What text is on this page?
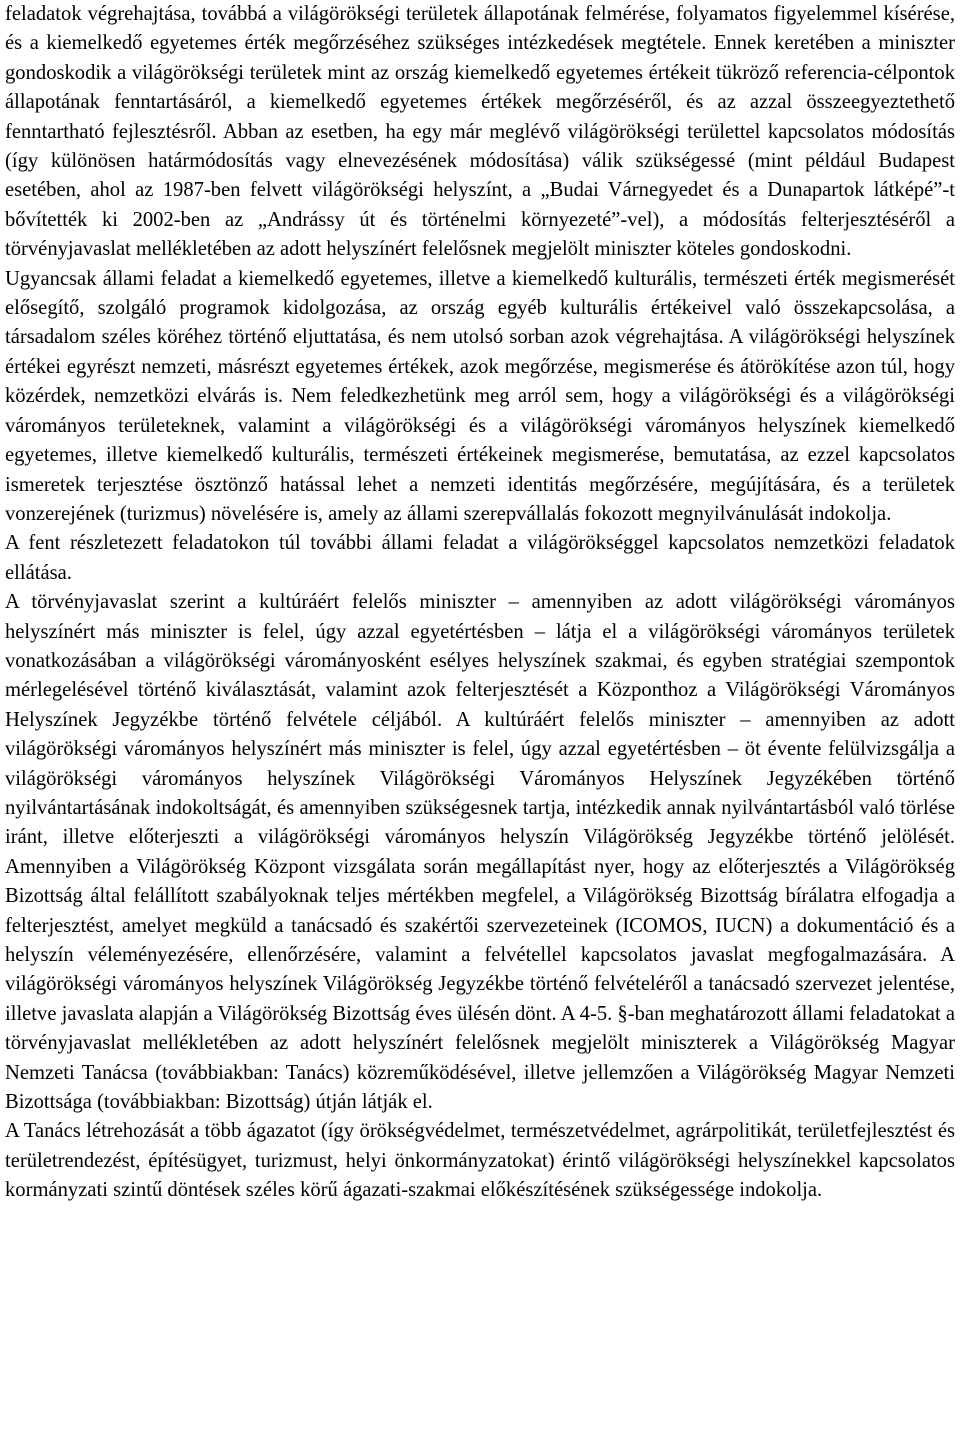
feladatok végrehajtása, továbbá a világörökségi területek állapotának felmérése, folyamatos figyelemmel kísérése, és a kiemelkedő egyetemes érték megőrzéséhez szükséges intézkedések megtétele. Ennek keretében a miniszter gondoskodik a világörökségi területek mint az ország kiemelkedő egyetemes értékeit tükröző referencia-célpontok állapotának fenntartásáról, a kiemelkedő egyetemes értékek megőrzéséről, és az azzal összeegyeztethető fenntartható fejlesztésről. Abban az esetben, ha egy már meglévő világörökségi területtel kapcsolatos módosítás (így különösen határmódosítás vagy elnevezésének módosítása) válik szükségessé (mint például Budapest esetében, ahol az 1987-ben felvett világörökségi helyszínt, a „Budai Várnegyedet és a Dunapartok látképé”-t bővítették ki 2002-ben az „Andrássy út és történelmi környezeté”-vel), a módosítás felterjesztéséről a törvényjavaslat mellékletében az adott helyszínért felelősnek megjelölt miniszter köteles gondoskodni.

Ugyancsak állami feladat a kiemelkedő egyetemes, illetve a kiemelkedő kulturális, természeti érték megismerését elősegítő, szolgáló programok kidolgozása, az ország egyéb kulturális értékeivel való összekapcsolása, a társadalom széles köréhez történő eljuttatása, és nem utolsó sorban azok végrehajtása. A világörökségi helyszínek értékei egyrészt nemzeti, másrészt egyetemes értékek, azok megőrzése, megismerése és átörökítése azon túl, hogy közérdek, nemzetközi elvárás is. Nem feledkezhetünk meg arról sem, hogy a világörökségi és a világörökségi várományos területeknek, valamint a világörökségi és a világörökségi várományos helyszínek kiemelkedő egyetemes, illetve kiemelkedő kulturális, természeti értékeinek megismerése, bemutatása, az ezzel kapcsolatos ismeretek terjesztése ösztönző hatással lehet a nemzeti identitás megőrzésére, megújítására, és a területek vonzerejének (turizmus) növelésére is, amely az állami szerepvállalás fokozott megnyilvánulását indokolja.

A fent részletezett feladatokon túl további állami feladat a világörökséggel kapcsolatos nemzetközi feladatok ellátása.

A törvényjavaslat szerint a kultúráért felelős miniszter – amennyiben az adott világörökségi várományos helyszínért más miniszter is felel, úgy azzal egyetértésben – látja el a világörökségi várományos területek vonatkozásában a világörökségi várományosként esélyes helyszínek szakmai, és egyben stratégiai szempontok mérlegelésével történő kiválasztását, valamint azok felterjesztését a Központhoz a Világörökségi Várományos Helyszínek Jegyzékbe történő felvétele céljából. A kultúráért felelős miniszter – amennyiben az adott világörökségi várományos helyszínért más miniszter is felel, úgy azzal egyetértésben – öt évente felülvizsgálja a világörökségi várományos helyszínek Világörökségi Várományos Helyszínek Jegyzékében történő nyilvántartásának indokoltságát, és amennyiben szükségesnek tartja, intézkedik annak nyilvántartásból való törlése iránt, illetve előterjeszti a világörökségi várományos helyszín Világörökség Jegyzékbe történő jelölését. Amennyiben a Világörökség Központ vizsgálata során megállapítást nyer, hogy az előterjesztés a Világörökség Bizottság által felállított szabályoknak teljes mértékben megfelel, a Világörökség Bizottság bírálatra elfogadja a felterjesztést, amelyet megküld a tanácsadó és szakértői szervezeteinek (ICOMOS, IUCN) a dokumentáció és a helyszín véleményezésére, ellenőrzésére, valamint a felvétellel kapcsolatos javaslat megfogalmazására. A világörökségi várományos helyszínek Világörökség Jegyzékbe történő felvételéről a tanácsadó szervezet jelentése, illetve javaslata alapján a Világörökség Bizottság éves ülésén dönt. A 4-5. §-ban meghatározott állami feladatokat a törvényjavaslat mellékletében az adott helyszínért felelősnek megjelölt miniszterek a Világörökség Magyar Nemzeti Tanácsa (továbbiakban: Tanács) közreműködésével, illetve jellemzően a Világörökség Magyar Nemzeti Bizottsága (továbbiakban: Bizottság) útján látják el.

A Tanács létrehozását a több ágazatot (így örökségvédelmet, természetvédelmet, agrárpolitikát, területfejlesztést és területrendezést, építésügyet, turizmust, helyi önkormányzatokat) érintő világörökségi helyszínekkel kapcsolatos kormányzati szintű döntések széles körű ágazati-szakmai előkészítésének szükségessége indokolja.
